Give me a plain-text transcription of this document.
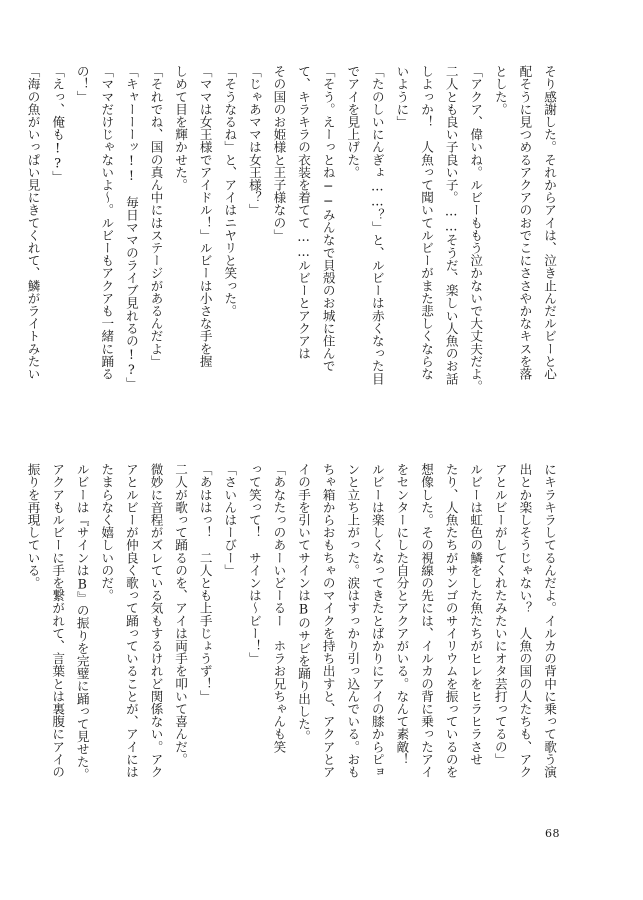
そり感謝した。それからアイは、泣き止んだルビーと心
配そうに見つめるアクアのおでこにささやかなキスを落
とした。
「アクア、偉いね。ルビーももう泣かないで大丈夫だよ。
二人とも良い子良い子。……そうだ、楽しい人魚のお話
しよっか！　人魚って聞いてルビーがまた悲しくならな
いように」
「たのしいにんぎょ……？」と、ルビーは赤くなった目
でアイを見上げた。
「そう。えーっとね──みんなで貝殻のお城に住んで
て、キラキラの衣装を着てて……ルビーとアクアは
その国のお姫様と王子様なの」
「じゃあママは女王様？」
「そうなるね」と、アイはニヤリと笑った。
「ママは女王様でアイドル！」ルビーは小さな手を握
しめて目を輝かせた。
「それでね、国の真ん中にはステージがあるんだよ」
「キャーーーッ!!　毎日ママのライブ見れるの!?」
「ママだけじゃないよ〜。ルビーもアクアも一緒に踊る
の！」
「えっ、俺も!?」
「海の魚がいっぱい見にきてくれて、鱗がライトみたい
にキラキラしてるんだよ。イルカの背中に乗って歌う演
出とか楽しそうじゃない？　人魚の国の人たちも、アク
アとルビーがしてくれたみたいにオタ芸打ってるの」
ルビーは虹色の鱗をした魚たちがヒレをヒラヒラさせ
たり、人魚たちがサンゴのサイリウムを振っているのを
想像した。その視線の先には、イルカの背に乗ったアイ
をセンターにした自分とアクアがいる。なんて素敵！
ルビーは楽しくなってきたとばかりにアイの膝からピョ
ンと立ち上がった。涙はすっかり引っ込んでいる。おも
ちゃ箱からおもちゃのマイクを持ち出すと、アクアとア
イの手を引いてサインはBのサビを踊り出した。
「あなたっのあーいどーるー　ホラお兄ちゃんも笑
って笑って！　サインは〜ビー！」
「さいんはーびー」
「あははっ！　二人とも上手じょうず！」
二人が歌って踊るのを、アイは両手を叩いて喜んだ。
微妙に音程がズレている気もするけれど関係ない。アク
アとルビーが仲良く歌って踊っていることが、アイには
たまらなく嬉しいのだ。
ルビーは『サインはB』の振りを完璧に踊って見せた。
アクアもルビーに手を繋がれて、言葉とは裏腹にアイの
振りを再現している。
68
